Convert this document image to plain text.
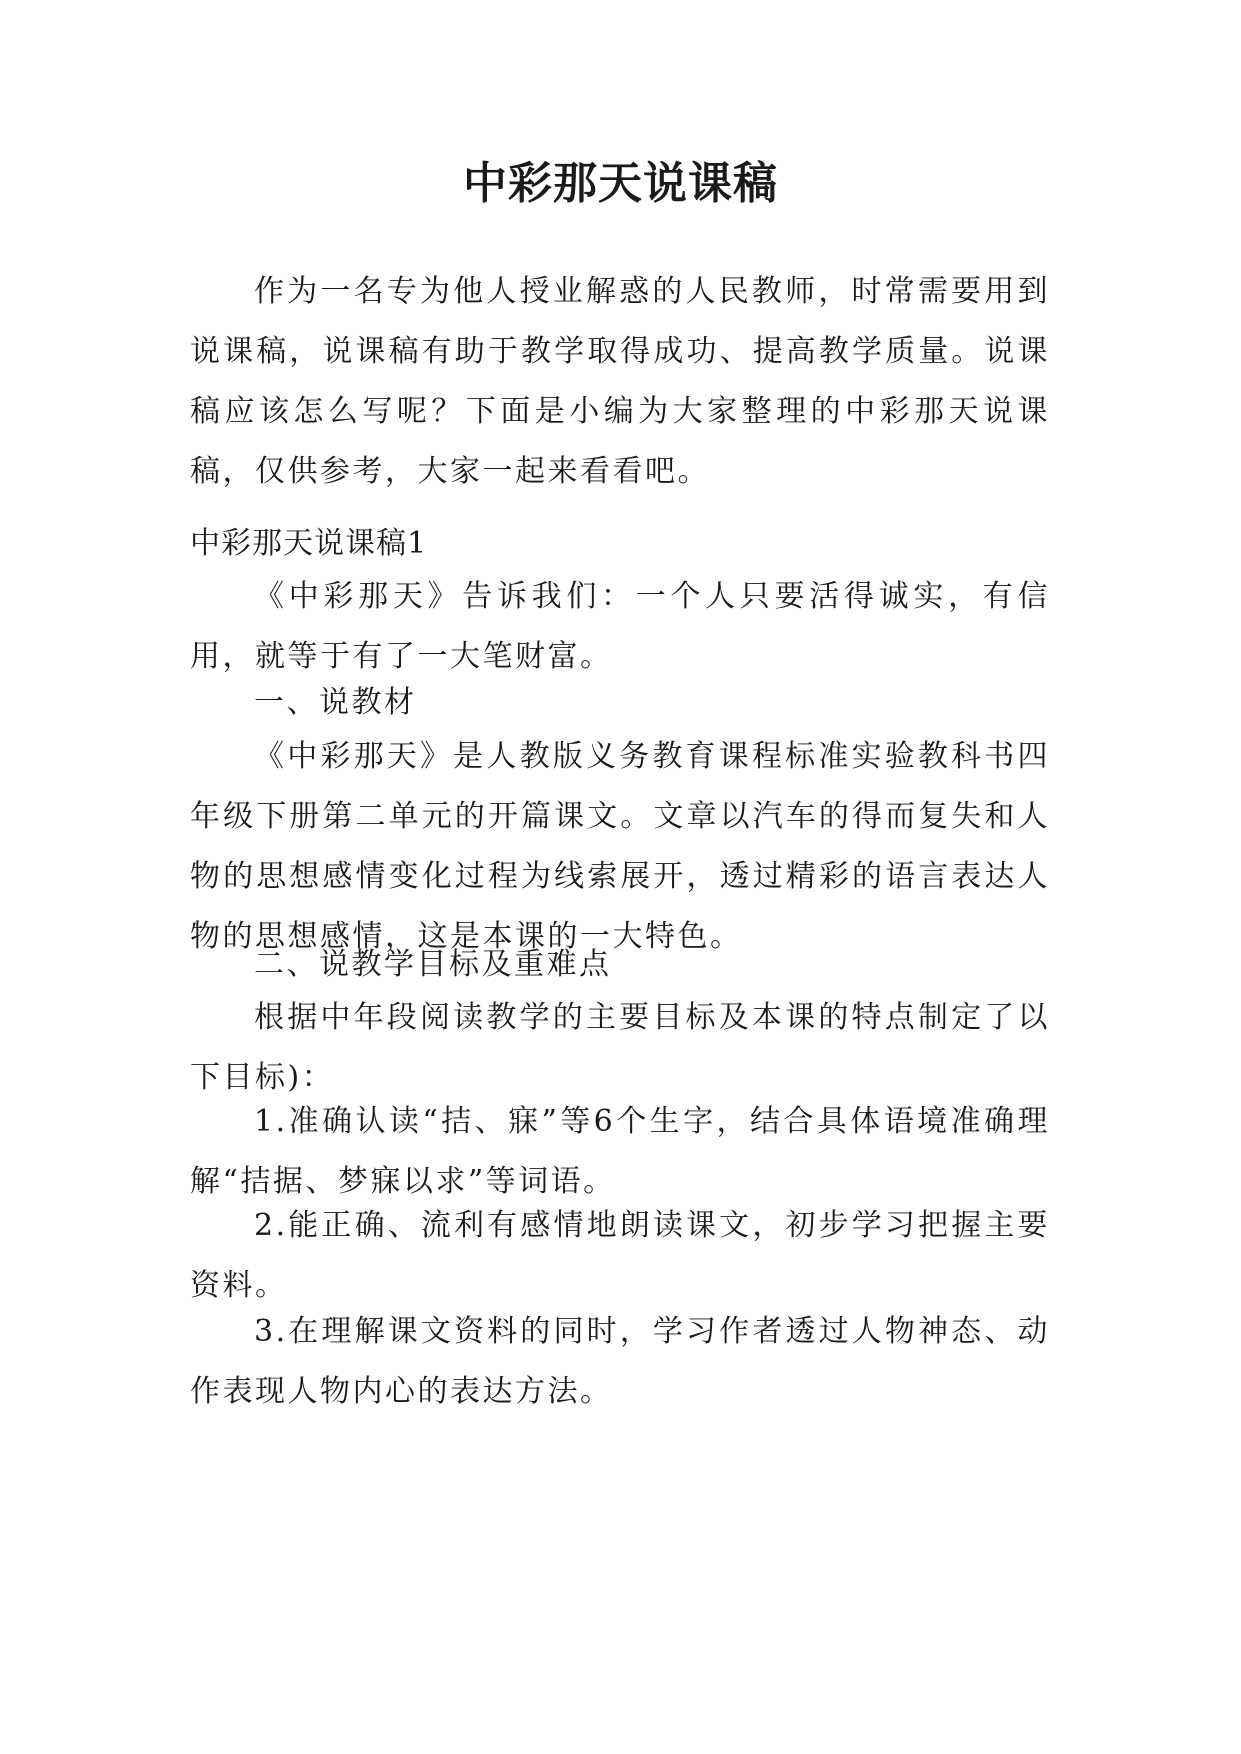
中彩那天说课稿

作为一名专为他人授业解惑的人民教师，时常需要用到说课稿，说课稿有助于教学取得成功、提高教学质量。说课稿应该怎么写呢？下面是小编为大家整理的中彩那天说课稿，仅供参考，大家一起来看看吧。

中彩那天说课稿1

《中彩那天》告诉我们：一个人只要活得诚实，有信用，就等于有了一大笔财富。

一、说教材

《中彩那天》是人教版义务教育课程标准实验教科书四年级下册第二单元的开篇课文。文章以汽车的得而复失和人物的思想感情变化过程为线索展开，透过精彩的语言表达人物的思想感情，这是本课的一大特色。

二、说教学目标及重难点

根据中年段阅读教学的主要目标及本课的特点制定了以下目标)：

1.准确认读“拮、寐”等6个生字，结合具体语境准确理解“拮据、梦寐以求”等词语。

2.能正确、流利有感情地朗读课文，初步学习把握主要资料。

3.在理解课文资料的同时，学习作者透过人物神态、动作表现人物内心的表达方法。
